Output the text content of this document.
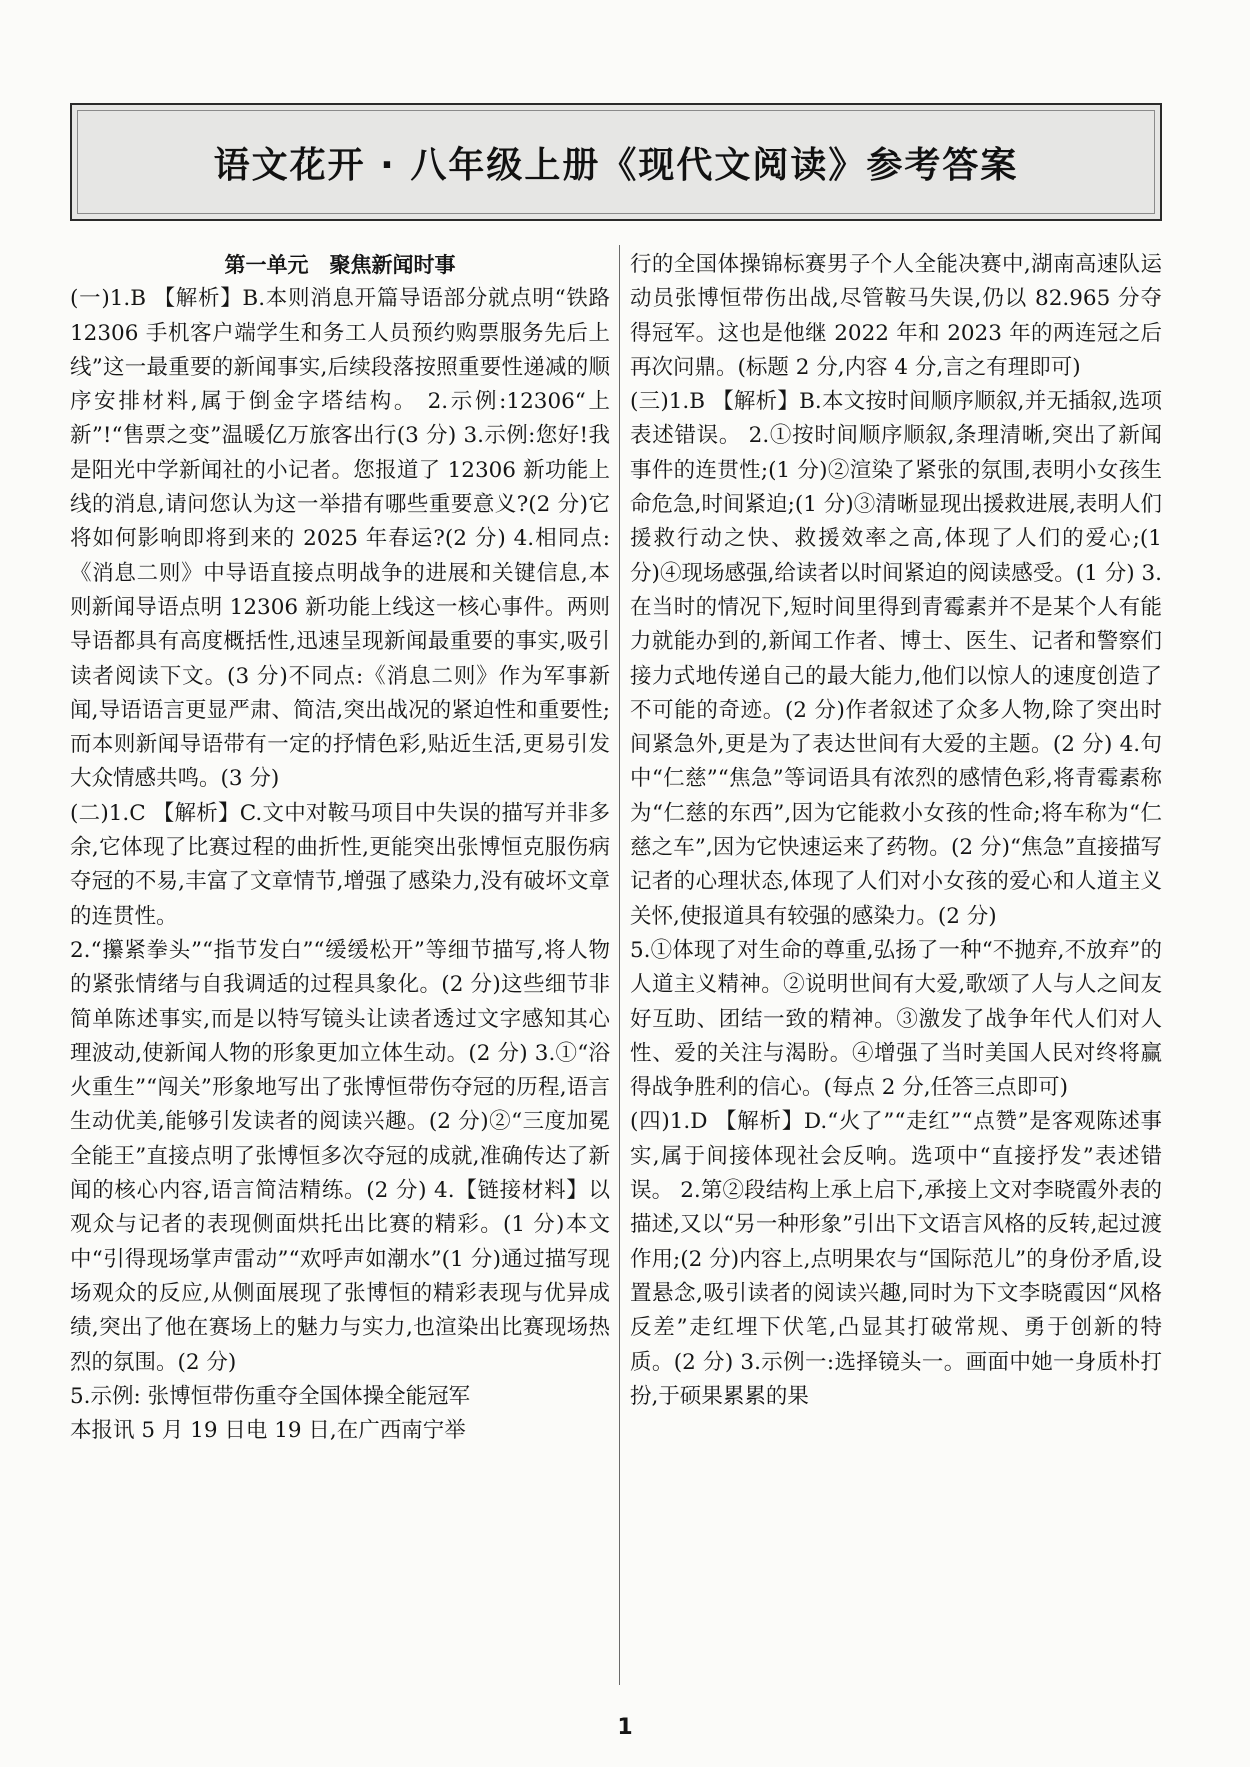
语文花开 · 八年级上册《现代文阅读》参考答案

第一单元　聚焦新闻时事

(一)1.B 【解析】B.本则消息开篇导语部分就点明“铁路 12306 手机客户端学生和务工人员预约购票服务先后上线”这一最重要的新闻事实,后续段落按照重要性递减的顺序安排材料,属于倒金字塔结构。 2.示例:12306“上新”!“售票之变”温暖亿万旅客出行(3 分) 3.示例:您好!我是阳光中学新闻社的小记者。您报道了 12306 新功能上线的消息,请问您认为这一举措有哪些重要意义?(2 分)它将如何影响即将到来的 2025 年春运?(2 分) 4.相同点:《消息二则》中导语直接点明战争的进展和关键信息,本则新闻导语点明 12306 新功能上线这一核心事件。两则导语都具有高度概括性,迅速呈现新闻最重要的事实,吸引读者阅读下文。(3 分)不同点:《消息二则》作为军事新闻,导语语言更显严肃、简洁,突出战况的紧迫性和重要性;而本则新闻导语带有一定的抒情色彩,贴近生活,更易引发大众情感共鸣。(3 分)

(二)1.C 【解析】C.文中对鞍马项目中失误的描写并非多余,它体现了比赛过程的曲折性,更能突出张博恒克服伤病夺冠的不易,丰富了文章情节,增强了感染力,没有破坏文章的连贯性。

2.“攥紧拳头”“指节发白”“缓缓松开”等细节描写,将人物的紧张情绪与自我调适的过程具象化。(2 分)这些细节非简单陈述事实,而是以特写镜头让读者透过文字感知其心理波动,使新闻人物的形象更加立体生动。(2 分) 3.①“浴火重生”“闯关”形象地写出了张博恒带伤夺冠的历程,语言生动优美,能够引发读者的阅读兴趣。(2 分)②“三度加冕全能王”直接点明了张博恒多次夺冠的成就,准确传达了新闻的核心内容,语言简洁精练。(2 分) 4.【链接材料】以观众与记者的表现侧面烘托出比赛的精彩。(1 分)本文中“引得现场掌声雷动”“欢呼声如潮水”(1 分)通过描写现场观众的反应,从侧面展现了张博恒的精彩表现与优异成绩,突出了他在赛场上的魅力与实力,也渲染出比赛现场热烈的氛围。(2 分)

5.示例: 张博恒带伤重夺全国体操全能冠军

本报讯 5 月 19 日电 19 日,在广西南宁举

行的全国体操锦标赛男子个人全能决赛中,湖南高速队运动员张博恒带伤出战,尽管鞍马失误,仍以 82.965 分夺得冠军。这也是他继 2022 年和 2023 年的两连冠之后再次问鼎。(标题 2 分,内容 4 分,言之有理即可)

(三)1.B 【解析】B.本文按时间顺序顺叙,并无插叙,选项表述错误。 2.①按时间顺序顺叙,条理清晰,突出了新闻事件的连贯性;(1 分)②渲染了紧张的氛围,表明小女孩生命危急,时间紧迫;(1 分)③清晰显现出援救进展,表明人们援救行动之快、救援效率之高,体现了人们的爱心;(1 分)④现场感强,给读者以时间紧迫的阅读感受。(1 分) 3.在当时的情况下,短时间里得到青霉素并不是某个人有能力就能办到的,新闻工作者、博士、医生、记者和警察们接力式地传递自己的最大能力,他们以惊人的速度创造了不可能的奇迹。(2 分)作者叙述了众多人物,除了突出时间紧急外,更是为了表达世间有大爱的主题。(2 分) 4.句中“仁慈”“焦急”等词语具有浓烈的感情色彩,将青霉素称为“仁慈的东西”,因为它能救小女孩的性命;将车称为“仁慈之车”,因为它快速运来了药物。(2 分)“焦急”直接描写记者的心理状态,体现了人们对小女孩的爱心和人道主义关怀,使报道具有较强的感染力。(2 分)

5.①体现了对生命的尊重,弘扬了一种“不抛弃,不放弃”的人道主义精神。②说明世间有大爱,歌颂了人与人之间友好互助、团结一致的精神。③激发了战争年代人们对人性、爱的关注与渴盼。④增强了当时美国人民对终将赢得战争胜利的信心。(每点 2 分,任答三点即可)

(四)1.D 【解析】D.“火了”“走红”“点赞”是客观陈述事实,属于间接体现社会反响。选项中“直接抒发”表述错误。 2.第②段结构上承上启下,承接上文对李晓霞外表的描述,又以“另一种形象”引出下文语言风格的反转,起过渡作用;(2 分)内容上,点明果农与“国际范儿”的身份矛盾,设置悬念,吸引读者的阅读兴趣,同时为下文李晓霞因“风格反差”走红埋下伏笔,凸显其打破常规、勇于创新的特质。(2 分) 3.示例一:选择镜头一。画面中她一身质朴打扮,于硕果累累的果

1
